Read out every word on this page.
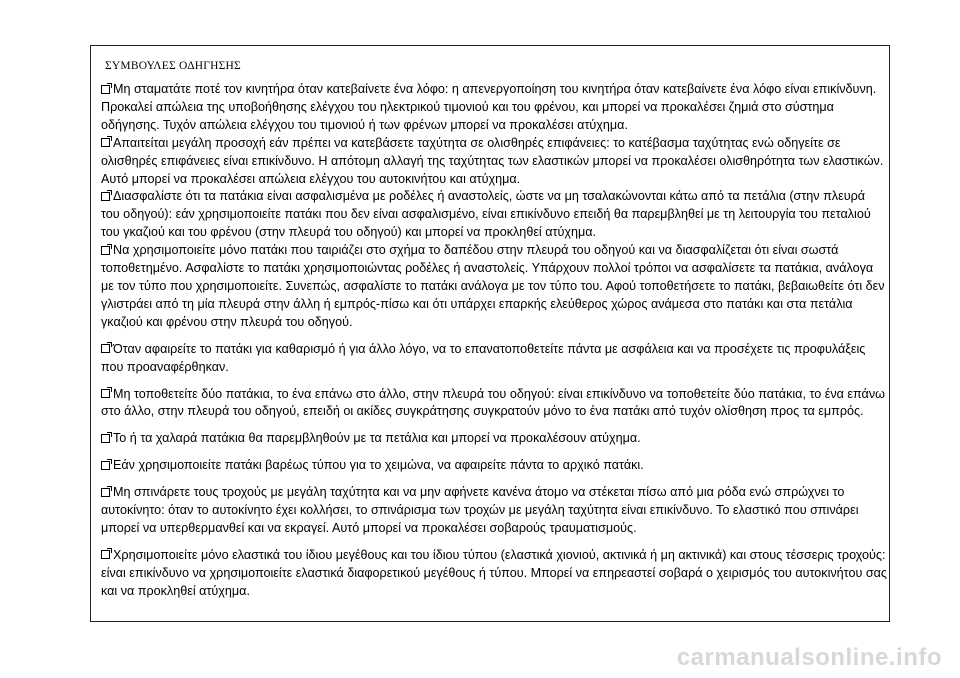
ΣΥΜΒΟΥΛΕΣ ΟΔΗΓΗΣΗΣ

Μη σταματάτε ποτέ τον κινητήρα όταν κατεβαίνετε ένα λόφο: η απενεργοποίηση του κινητήρα όταν κατεβαίνετε ένα λόφο είναι επικίνδυνη. Προκαλεί απώλεια της υποβοήθησης ελέγχου του ηλεκτρικού τιμονιού και του φρένου, και μπορεί να προκαλέσει ζημιά στο σύστημα οδήγησης. Τυχόν απώλεια ελέγχου του τιμονιού ή των φρένων μπορεί να προκαλέσει ατύχημα.

Απαιτείται μεγάλη προσοχή εάν πρέπει να κατεβάσετε ταχύτητα σε ολισθηρές επιφάνειες: το κατέβασμα ταχύτητας ενώ οδηγείτε σε ολισθηρές επιφάνειες είναι επικίνδυνο. Η απότομη αλλαγή της ταχύτητας των ελαστικών μπορεί να προκαλέσει ολισθηρότητα των ελαστικών. Αυτό μπορεί να προκαλέσει απώλεια ελέγχου του αυτοκινήτου και ατύχημα.

Διασφαλίστε ότι τα πατάκια είναι ασφαλισμένα με ροδέλες ή αναστολείς, ώστε να μη τσαλακώνονται κάτω από τα πετάλια (στην πλευρά του οδηγού): εάν χρησιμοποιείτε πατάκι που δεν είναι ασφαλισμένο, είναι επικίνδυνο επειδή θα παρεμβληθεί με τη λειτουργία του πεταλιού του γκαζιού και του φρένου (στην πλευρά του οδηγού) και μπορεί να προκληθεί ατύχημα.

Να χρησιμοποιείτε μόνο πατάκι που ταιριάζει στο σχήμα το δαπέδου στην πλευρά του οδηγού και να διασφαλίζεται ότι είναι σωστά τοποθετημένο. Ασφαλίστε το πατάκι χρησιμοποιώντας ροδέλες ή αναστολείς. Υπάρχουν πολλοί τρόποι να ασφαλίσετε τα πατάκια, ανάλογα με τον τύπο που χρησιμοποιείτε. Συνεπώς, ασφαλίστε το πατάκι ανάλογα με τον τύπο του. Αφού τοποθετήσετε το πατάκι, βεβαιωθείτε ότι δεν γλιστράει από τη μία πλευρά στην άλλη ή εμπρός-πίσω και ότι υπάρχει επαρκής ελεύθερος χώρος ανάμεσα στο πατάκι και στα πετάλια γκαζιού και φρένου στην πλευρά του οδηγού.

Όταν αφαιρείτε το πατάκι για καθαρισμό ή για άλλο λόγο, να το επανατοποθετείτε πάντα με ασφάλεια και να προσέχετε τις προφυλάξεις που προαναφέρθηκαν.

Μη τοποθετείτε δύο πατάκια, το ένα επάνω στο άλλο, στην πλευρά του οδηγού: είναι επικίνδυνο να τοποθετείτε δύο πατάκια, το ένα επάνω στο άλλο, στην πλευρά του οδηγού, επειδή οι ακίδες συγκράτησης συγκρατούν μόνο το ένα πατάκι από τυχόν ολίσθηση προς τα εμπρός.

Το ή τα χαλαρά πατάκια θα παρεμβληθούν με τα πετάλια και μπορεί να προκαλέσουν ατύχημα.

Εάν χρησιμοποιείτε πατάκι βαρέως τύπου για το χειμώνα, να αφαιρείτε πάντα το αρχικό πατάκι.

Μη σπινάρετε τους τροχούς με μεγάλη ταχύτητα και να μην αφήνετε κανένα άτομο να στέκεται πίσω από μια ρόδα ενώ σπρώχνει το αυτοκίνητο: όταν το αυτοκίνητο έχει κολλήσει, το σπινάρισμα των τροχών με μεγάλη ταχύτητα είναι επικίνδυνο. Το ελαστικό που σπινάρει μπορεί να υπερθερμανθεί και να εκραγεί. Αυτό μπορεί να προκαλέσει σοβαρούς τραυματισμούς.

Χρησιμοποιείτε μόνο ελαστικά του ίδιου μεγέθους και του ίδιου τύπου (ελαστικά χιονιού, ακτινικά ή μη ακτινικά) και στους τέσσερις τροχούς: είναι επικίνδυνο να χρησιμοποιείτε ελαστικά διαφορετικού μεγέθους ή τύπου. Μπορεί να επηρεαστεί σοβαρά ο χειρισμός του αυτοκινήτου σας και να προκληθεί ατύχημα.

carmanualsonline.info
